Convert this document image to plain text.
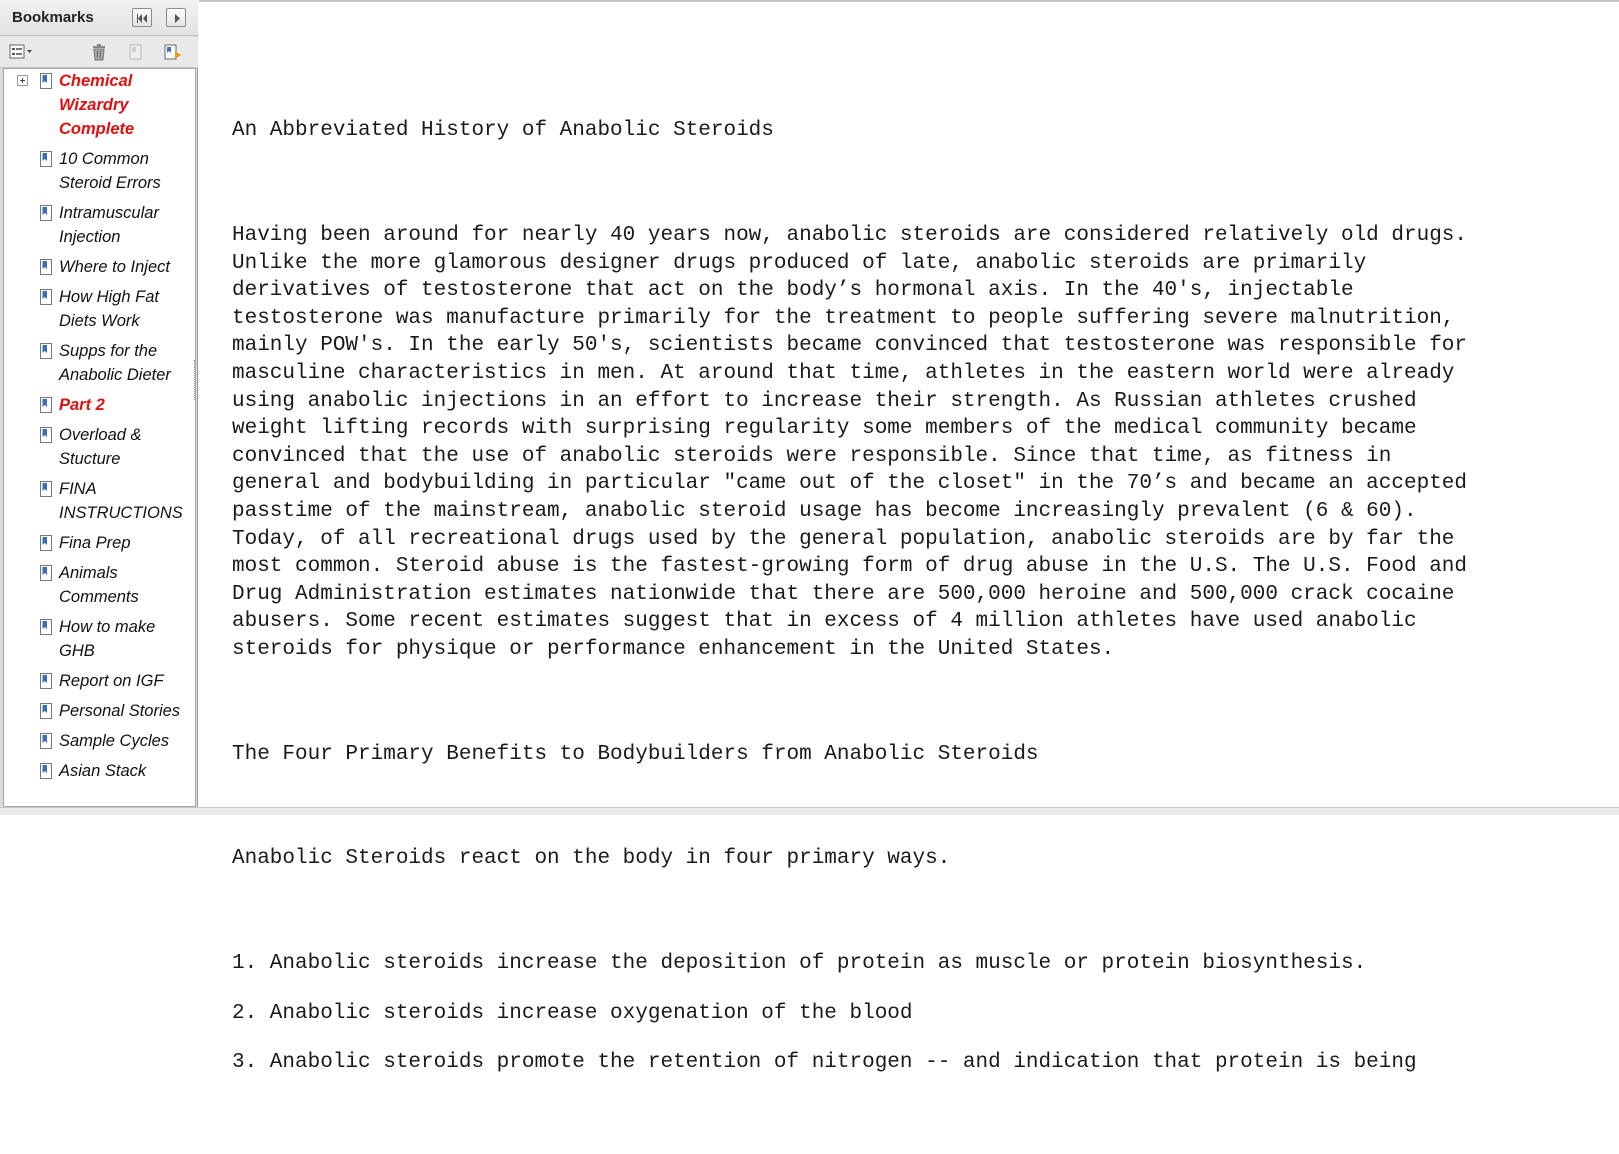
Bookmarks
Chemical
Wizardry
Complete
10 Common
Steroid Errors
Intramuscular
Injection
Where to Inject
How High Fat
Diets Work
Supps for the
Anabolic Dieter
Part 2
Overload &
Stucture
FINA
INSTRUCTIONS
Fina Prep
Animals
Comments
How to make
GHB
Report on IGF
Personal Stories
Sample Cycles
Asian Stack

An Abbreviated History of Anabolic Steroids

Having been around for nearly 40 years now, anabolic steroids are considered relatively old drugs.
Unlike the more glamorous designer drugs produced of late, anabolic steroids are primarily
derivatives of testosterone that act on the body’s hormonal axis. In the 40's, injectable
testosterone was manufacture primarily for the treatment to people suffering severe malnutrition,
mainly POW's. In the early 50's, scientists became convinced that testosterone was responsible for
masculine characteristics in men. At around that time, athletes in the eastern world were already
using anabolic injections in an effort to increase their strength. As Russian athletes crushed
weight lifting records with surprising regularity some members of the medical community became
convinced that the use of anabolic steroids were responsible. Since that time, as fitness in
general and bodybuilding in particular "came out of the closet" in the 70’s and became an accepted
passtime of the mainstream, anabolic steroid usage has become increasingly prevalent (6 & 60).
Today, of all recreational drugs used by the general population, anabolic steroids are by far the
most common. Steroid abuse is the fastest-growing form of drug abuse in the U.S. The U.S. Food and
Drug Administration estimates nationwide that there are 500,000 heroine and 500,000 crack cocaine
abusers. Some recent estimates suggest that in excess of 4 million athletes have used anabolic
steroids for physique or performance enhancement in the United States.

The Four Primary Benefits to Bodybuilders from Anabolic Steroids

Anabolic Steroids react on the body in four primary ways.

1. Anabolic steroids increase the deposition of protein as muscle or protein biosynthesis.
2. Anabolic steroids increase oxygenation of the blood
3. Anabolic steroids promote the retention of nitrogen -- and indication that protein is being
